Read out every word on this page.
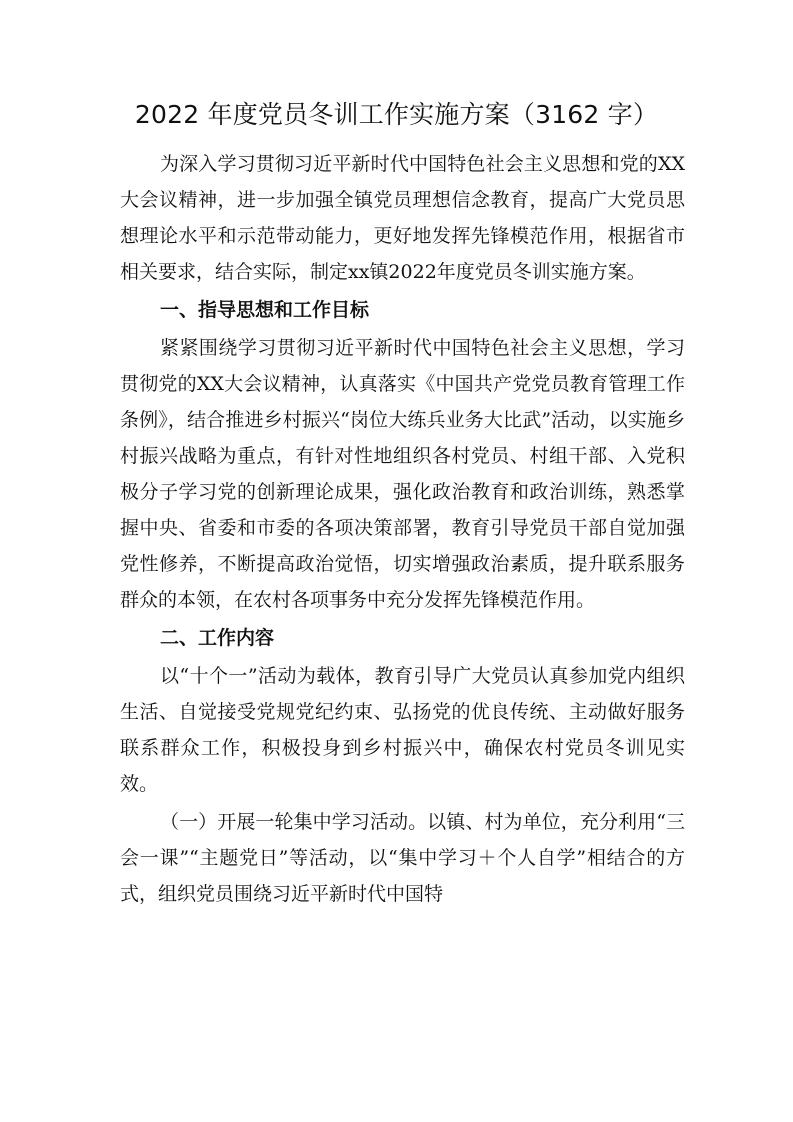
2022 年度党员冬训工作实施方案（3162 字）

为深入学习贯彻习近平新时代中国特色社会主义思想和党的XX大会议精神，进一步加强全镇党员理想信念教育，提高广大党员思想理论水平和示范带动能力，更好地发挥先锋模范作用，根据省市相关要求，结合实际，制定xx镇2022年度党员冬训实施方案。

一、指导思想和工作目标

紧紧围绕学习贯彻习近平新时代中国特色社会主义思想，学习贯彻党的XX大会议精神，认真落实《中国共产党党员教育管理工作条例》，结合推进乡村振兴“岗位大练兵业务大比武”活动，以实施乡村振兴战略为重点，有针对性地组织各村党员、村组干部、入党积极分子学习党的创新理论成果，强化政治教育和政治训练，熟悉掌握中央、省委和市委的各项决策部署，教育引导党员干部自觉加强党性修养，不断提高政治觉悟，切实增强政治素质，提升联系服务群众的本领，在农村各项事务中充分发挥先锋模范作用。

二、工作内容

以“十个一”活动为载体，教育引导广大党员认真参加党内组织生活、自觉接受党规党纪约束、弘扬党的优良传统、主动做好服务联系群众工作，积极投身到乡村振兴中，确保农村党员冬训见实效。

（一）开展一轮集中学习活动。以镇、村为单位，充分利用“三会一课”“主题党日”等活动，以“集中学习＋个人自学”相结合的方式，组织党员围绕习近平新时代中国特
